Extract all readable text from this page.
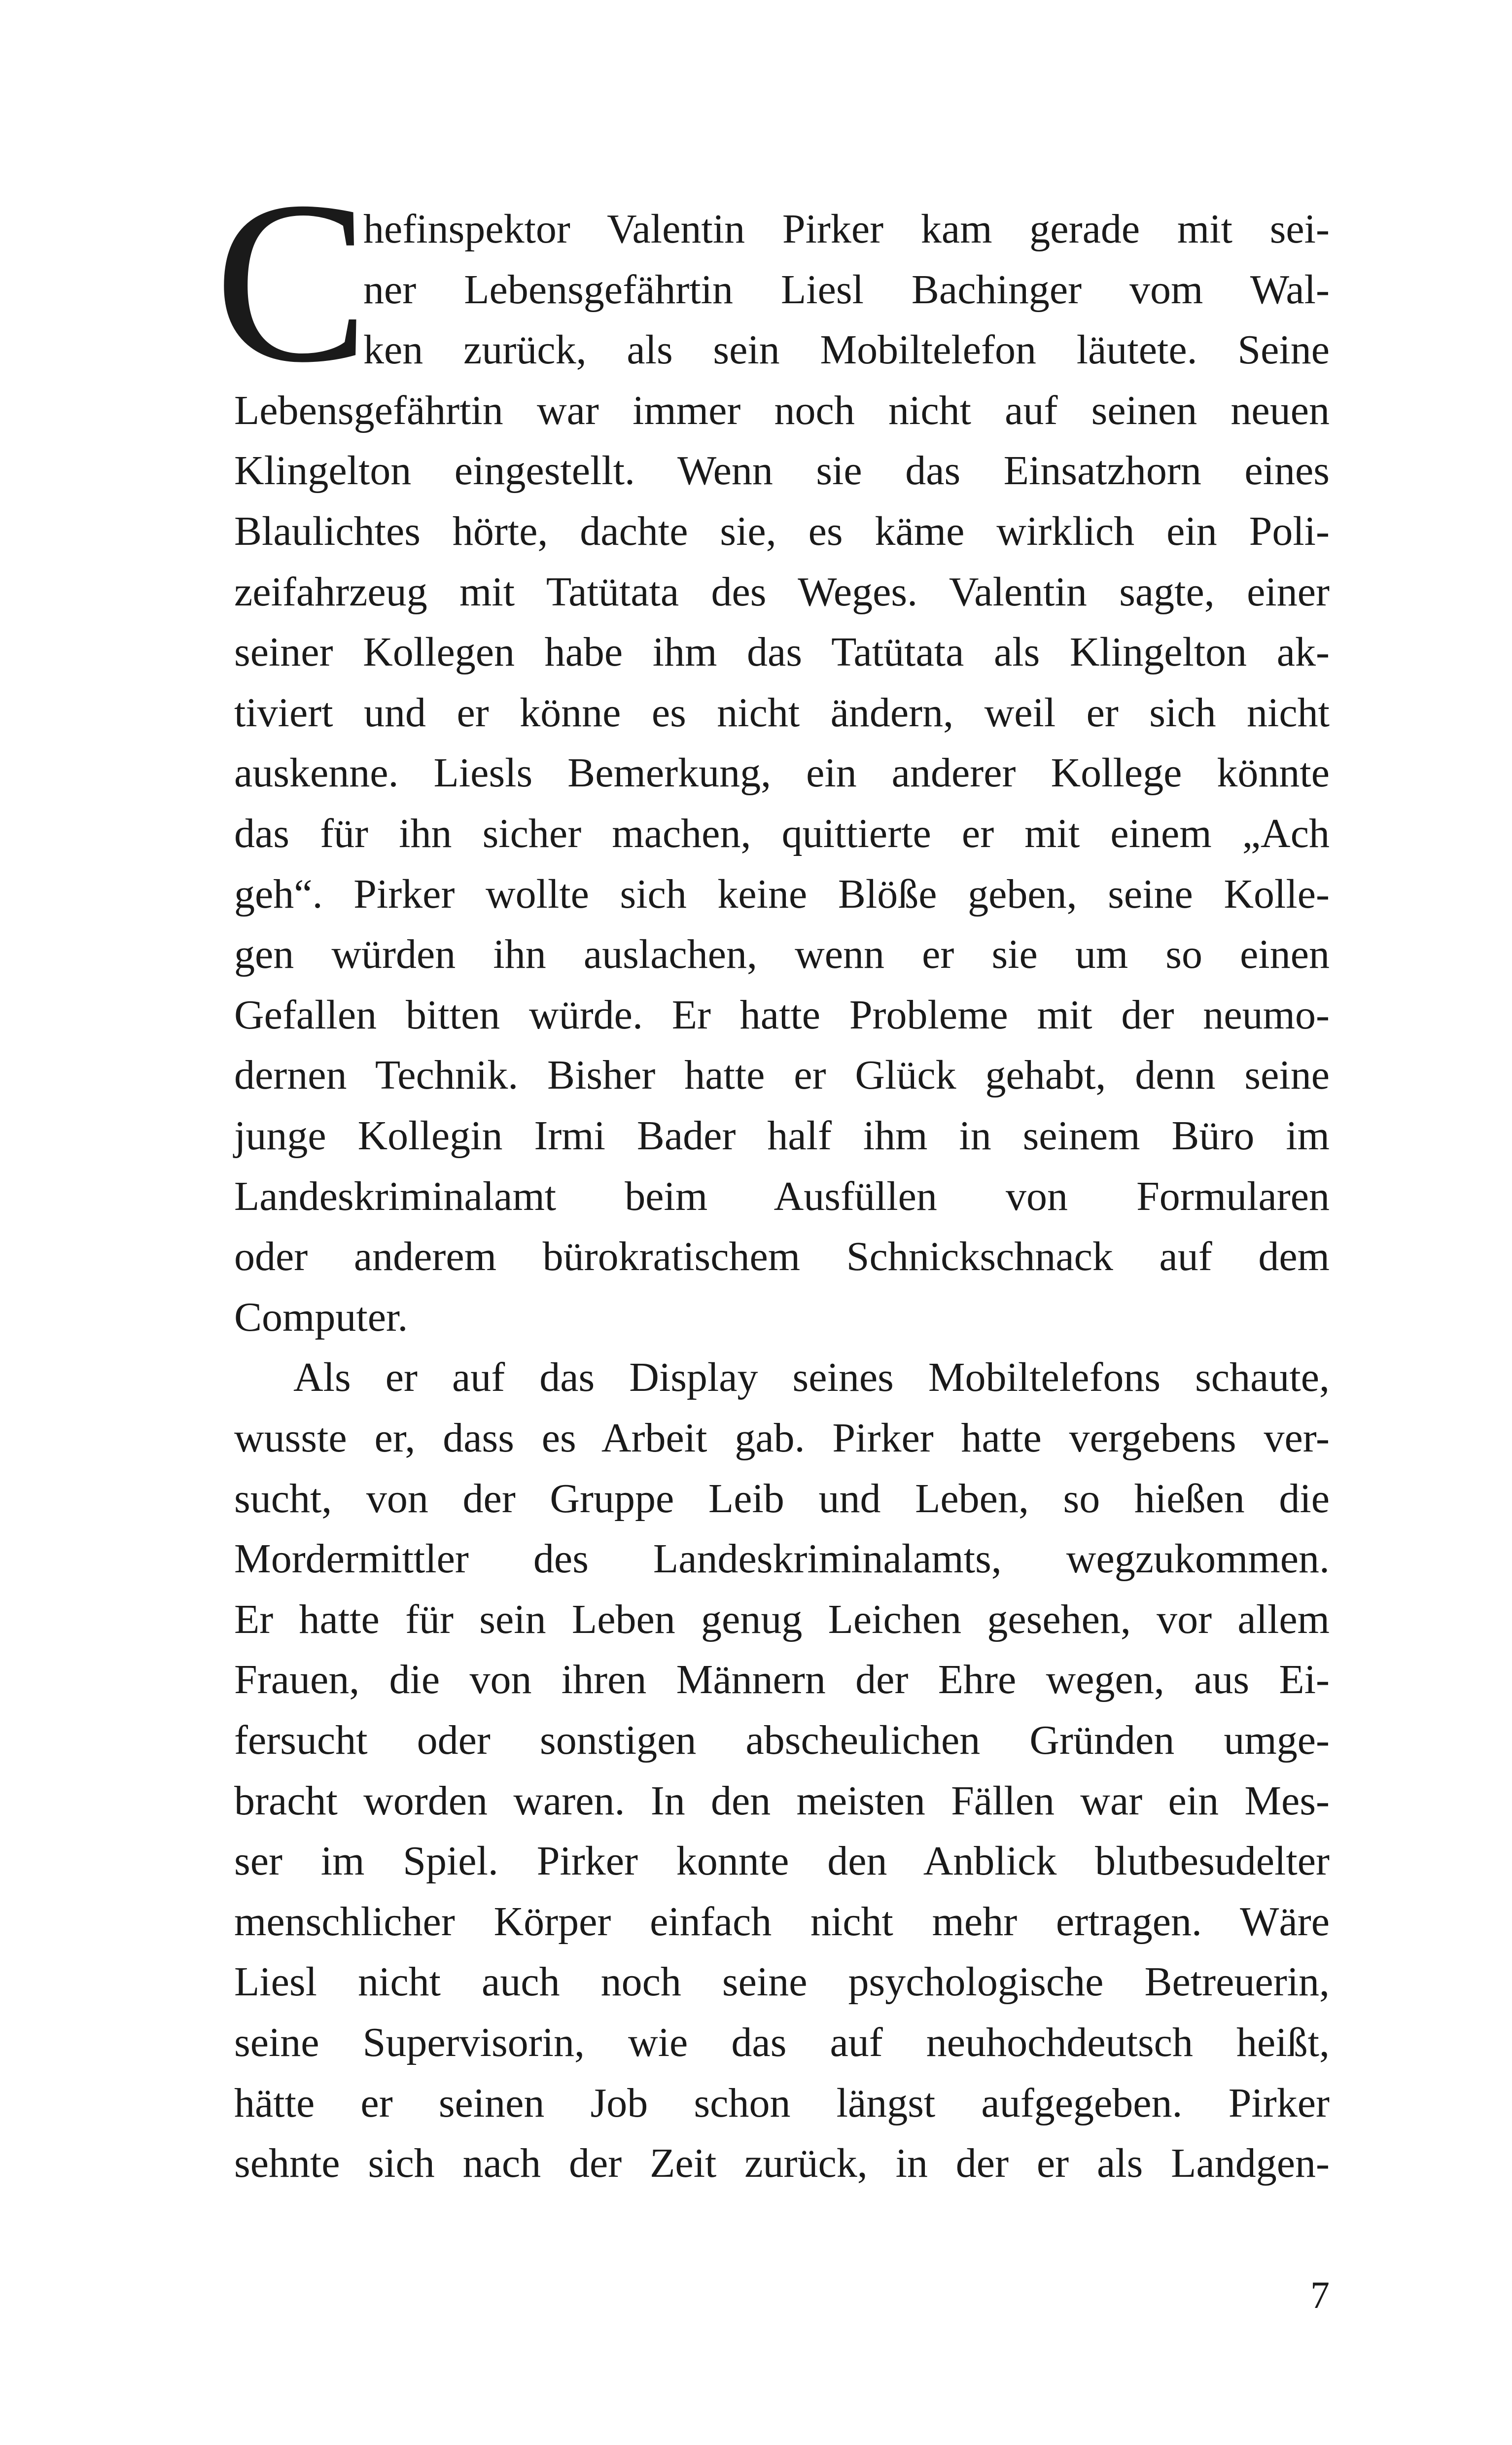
C
hefinspektor Valentin Pirker kam gerade mit sei-
ner Lebensgefährtin Liesl Bachinger vom Wal-
ken zurück, als sein Mobiltelefon läutete. Seine
Lebensgefährtin war immer noch nicht auf seinen neuen
Klingelton eingestellt. Wenn sie das Einsatzhorn eines
Blaulichtes hörte, dachte sie, es käme wirklich ein Poli-
zeifahrzeug mit Tatütata des Weges. Valentin sagte, einer
seiner Kollegen habe ihm das Tatütata als Klingelton ak-
tiviert und er könne es nicht ändern, weil er sich nicht
auskenne. Liesls Bemerkung, ein anderer Kollege könnte
das für ihn sicher machen, quittierte er mit einem „Ach
geh“. Pirker wollte sich keine Blöße geben, seine Kolle-
gen würden ihn auslachen, wenn er sie um so einen
Gefallen bitten würde. Er hatte Probleme mit der neumo-
dernen Technik. Bisher hatte er Glück gehabt, denn seine
junge Kollegin Irmi Bader half ihm in seinem Büro im
Landeskriminalamt beim Ausfüllen von Formularen
oder anderem bürokratischem Schnickschnack auf dem
Computer.
Als er auf das Display seines Mobiltelefons schaute,
wusste er, dass es Arbeit gab. Pirker hatte vergebens ver-
sucht, von der Gruppe Leib und Leben, so hießen die
Mordermittler des Landeskriminalamts, wegzukommen.
Er hatte für sein Leben genug Leichen gesehen, vor allem
Frauen, die von ihren Männern der Ehre wegen, aus Ei-
fersucht oder sonstigen abscheulichen Gründen umge-
bracht worden waren. In den meisten Fällen war ein Mes-
ser im Spiel. Pirker konnte den Anblick blutbesudelter
menschlicher Körper einfach nicht mehr ertragen. Wäre
Liesl nicht auch noch seine psychologische Betreuerin,
seine Supervisorin, wie das auf neuhochdeutsch heißt,
hätte er seinen Job schon längst aufgegeben. Pirker
sehnte sich nach der Zeit zurück, in der er als Landgen-
7
